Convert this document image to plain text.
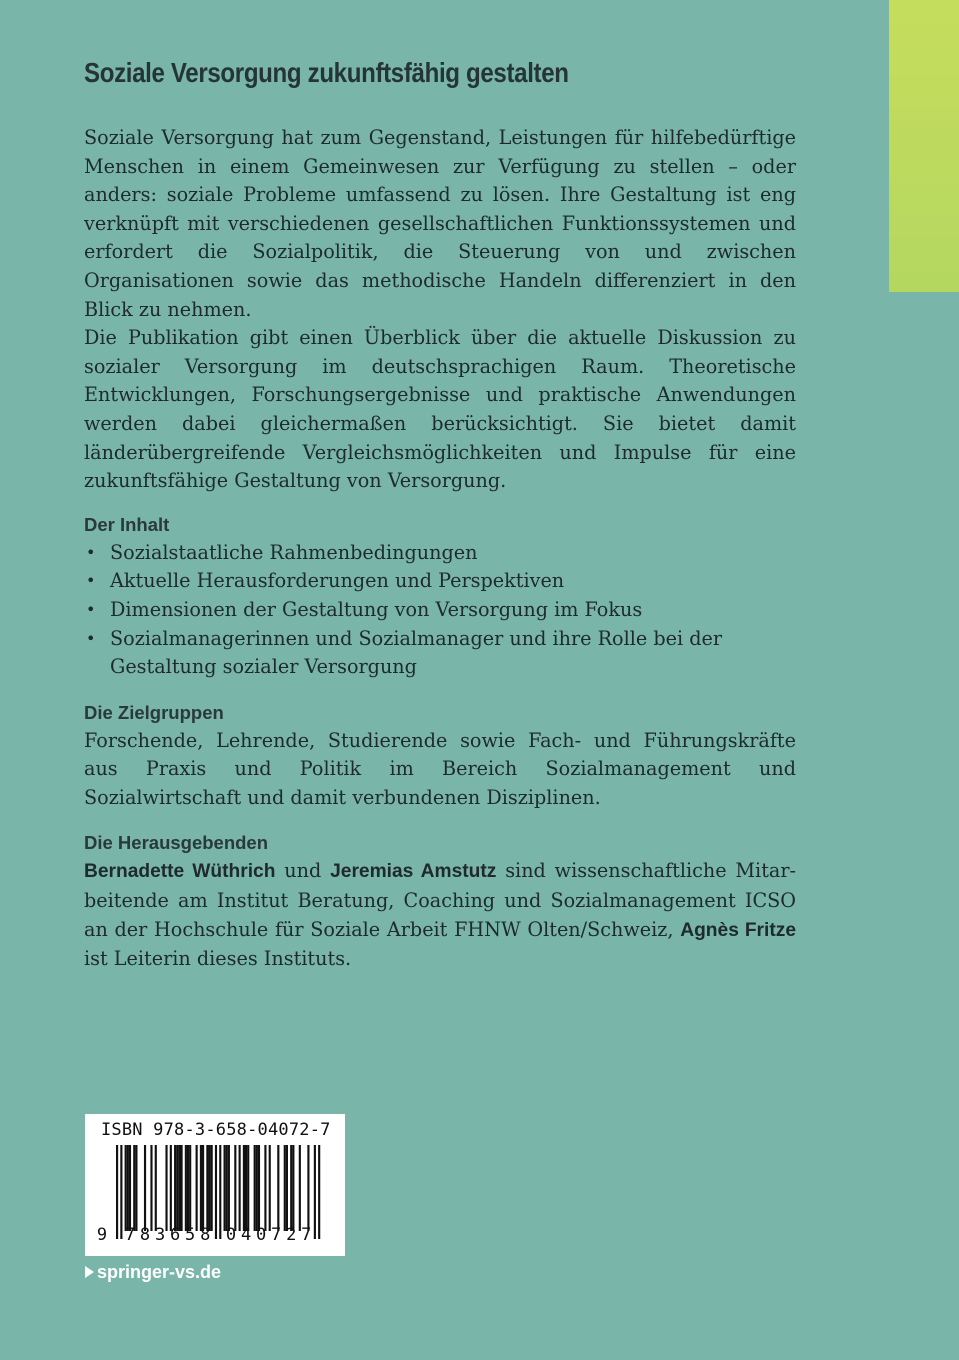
Soziale Versorgung zukunftsfähig gestalten

Soziale Versorgung hat zum Gegenstand, Leistungen für hilfebedürftige Menschen in einem Gemeinwesen zur Verfügung zu stellen – oder anders: soziale Probleme umfassend zu lösen. Ihre Gestaltung ist eng verknüpft mit verschiedenen gesellschaftlichen Funktionssystemen und erfordert die Sozialpolitik, die Steuerung von und zwischen Organisationen sowie das methodische Handeln differenziert in den Blick zu nehmen.

Die Publikation gibt einen Überblick über die aktuelle Diskussion zu sozialer Versorgung im deutschsprachigen Raum. Theoretische Entwicklungen, Forschungsergebnisse und praktische Anwendungen werden dabei gleichermaßen berücksichtigt. Sie bietet damit länderübergreifende Vergleichsmöglichkeiten und Impulse für eine zukunftsfähige Gestaltung von Versorgung.

Der Inhalt
• Sozialstaatliche Rahmenbedingungen
• Aktuelle Herausforderungen und Perspektiven
• Dimensionen der Gestaltung von Versorgung im Fokus
• Sozialmanagerinnen und Sozialmanager und ihre Rolle bei der Gestaltung sozialer Versorgung
Die Zielgruppen

Forschende, Lehrende, Studierende sowie Fach- und Führungskräfte aus Praxis und Politik im Bereich Sozialmanagement und Sozialwirtschaft und damit verbundenen Disziplinen.

Die Herausgebenden

Bernadette Wüthrich und Jeremias Amstutz sind wissenschaftliche Mitarbeitende am Institut Beratung, Coaching und Sozialmanagement ICSO an der Hochschule für Soziale Arbeit FHNW Olten/Schweiz, Agnès Fritze ist Leiterin dieses Instituts.

ISBN 978-3-658-04072-7
9 7 8 3 6 5 8 0 4 0 7 2 7
springer-vs.de
